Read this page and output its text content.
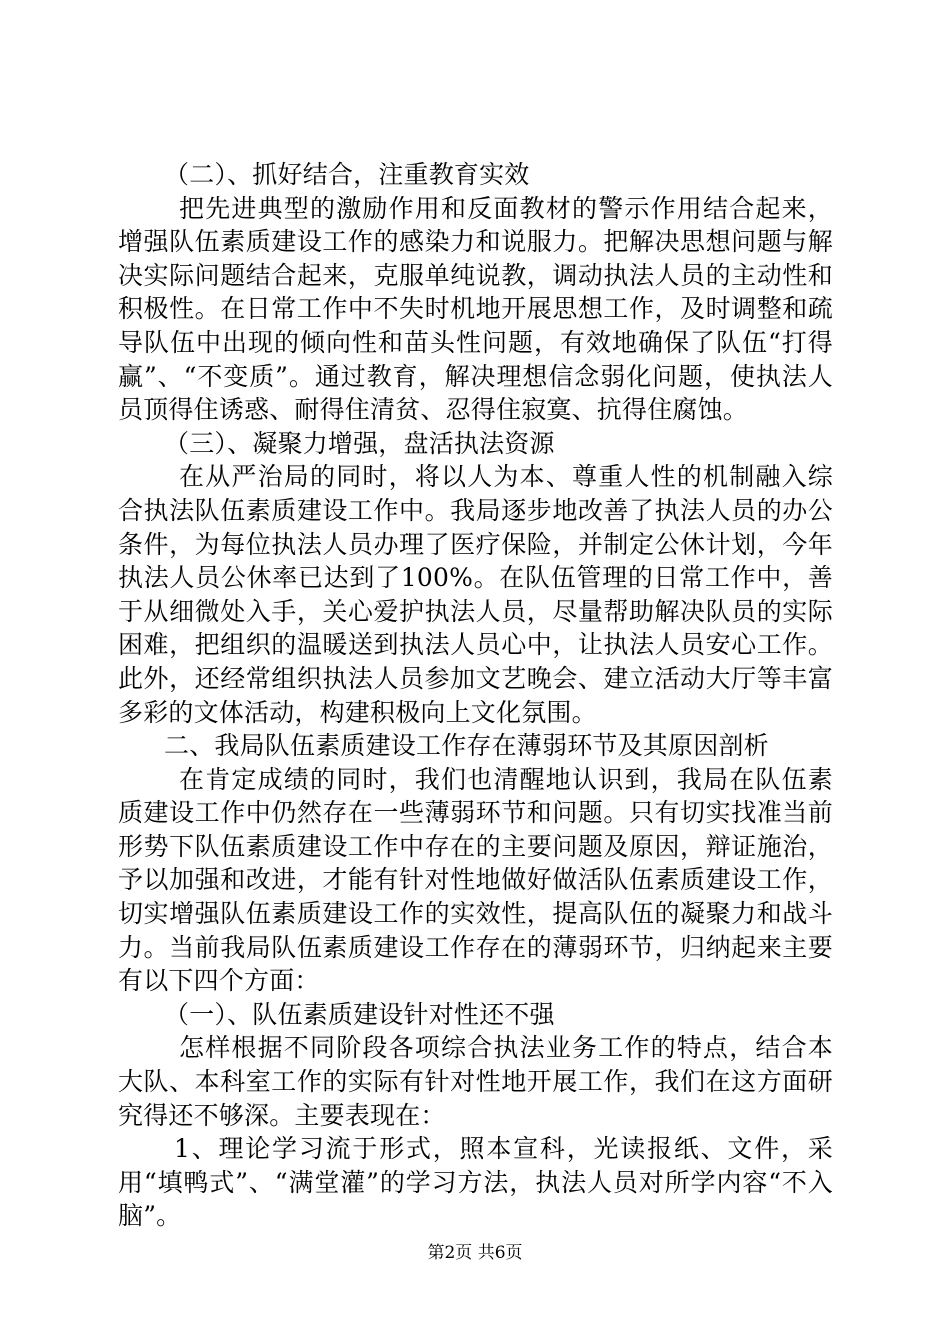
（二）、抓好结合，注重教育实效

把先进典型的激励作用和反面教材的警示作用结合起来，增强队伍素质建设工作的感染力和说服力。把解决思想问题与解决实际问题结合起来，克服单纯说教，调动执法人员的主动性和积极性。在日常工作中不失时机地开展思想工作，及时调整和疏导队伍中出现的倾向性和苗头性问题，有效地确保了队伍“打得赢”、“不变质”。通过教育，解决理想信念弱化问题，使执法人员顶得住诱惑、耐得住清贫、忍得住寂寞、抗得住腐蚀。

（三）、凝聚力增强，盘活执法资源

在从严治局的同时，将以人为本、尊重人性的机制融入综合执法队伍素质建设工作中。我局逐步地改善了执法人员的办公条件，为每位执法人员办理了医疗保险，并制定公休计划，今年执法人员公休率已达到了100%。在队伍管理的日常工作中，善于从细微处入手，关心爱护执法人员，尽量帮助解决队员的实际困难，把组织的温暖送到执法人员心中，让执法人员安心工作。此外，还经常组织执法人员参加文艺晚会、建立活动大厅等丰富多彩的文体活动，构建积极向上文化氛围。

二、我局队伍素质建设工作存在薄弱环节及其原因剖析

在肯定成绩的同时，我们也清醒地认识到，我局在队伍素质建设工作中仍然存在一些薄弱环节和问题。只有切实找准当前形势下队伍素质建设工作中存在的主要问题及原因，辩证施治，予以加强和改进，才能有针对性地做好做活队伍素质建设工作，切实增强队伍素质建设工作的实效性，提高队伍的凝聚力和战斗力。当前我局队伍素质建设工作存在的薄弱环节，归纳起来主要有以下四个方面：

（一）、队伍素质建设针对性还不强

怎样根据不同阶段各项综合执法业务工作的特点，结合本大队、本科室工作的实际有针对性地开展工作，我们在这方面研究得还不够深。主要表现在：

1、理论学习流于形式，照本宣科，光读报纸、文件，采用“填鸭式”、“满堂灌”的学习方法，执法人员对所学内容“不入脑”。

第2页 共6页
